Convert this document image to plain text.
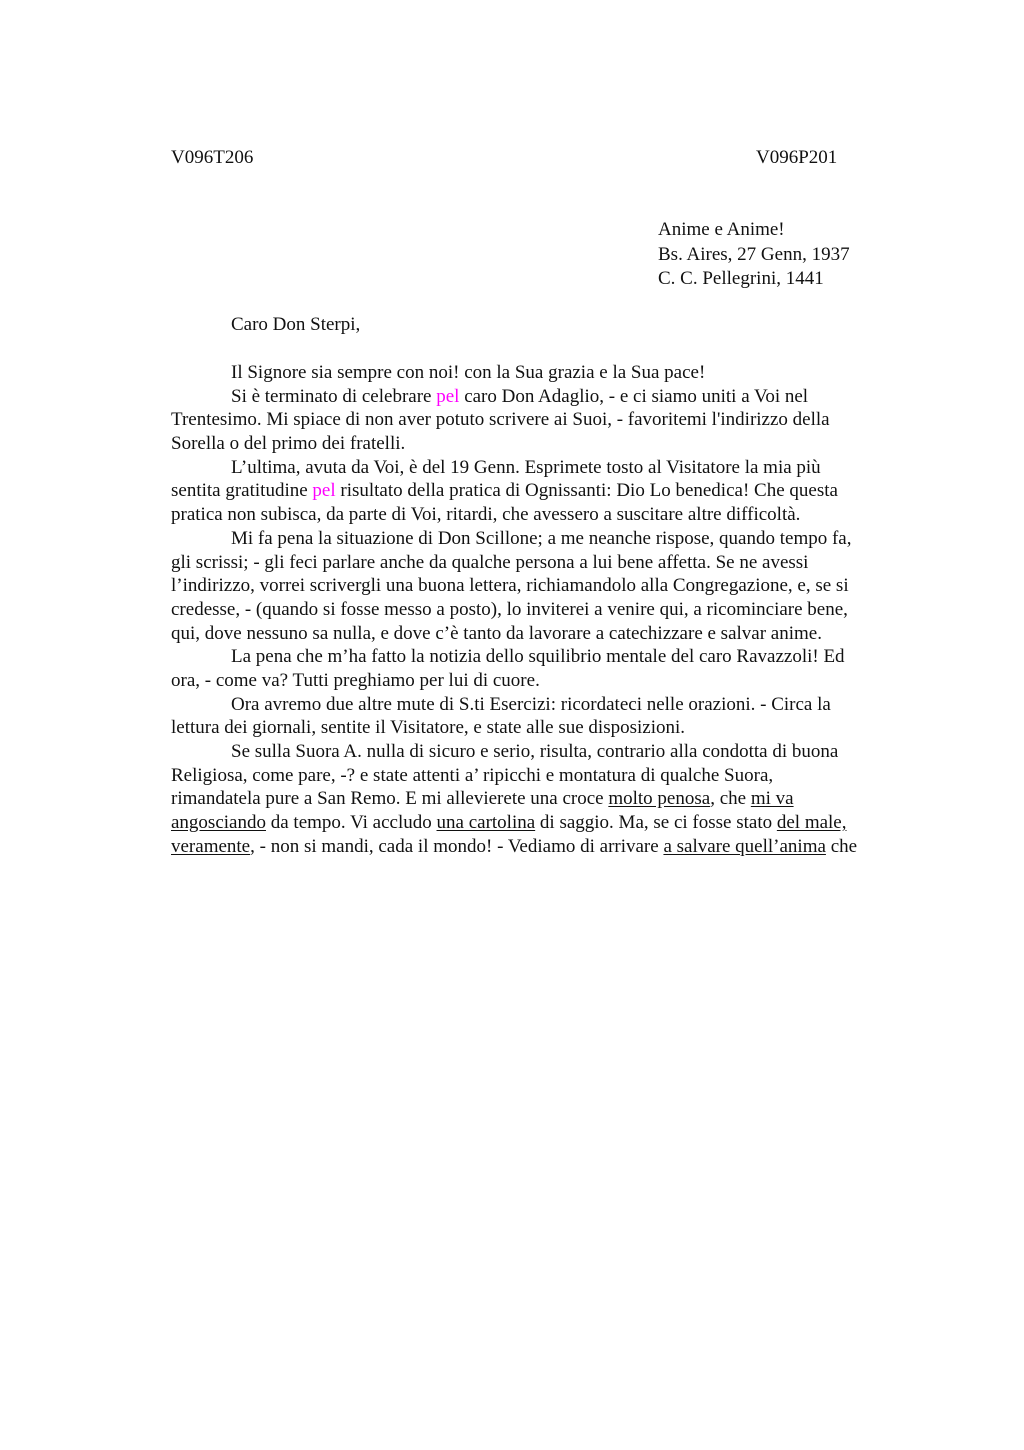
V096T206	V096P201
Anime e Anime!
Bs. Aires, 27 Genn, 1937
C. C. Pellegrini, 1441
Caro Don Sterpi,
Il Signore sia sempre con noi! con la Sua grazia e la Sua pace!
Si è terminato di celebrare pel caro Don Adaglio, - e ci siamo uniti a Voi nel
Trentesimo. Mi spiace di non aver potuto scrivere ai Suoi, - favoritemi l'indirizzo della
Sorella o del primo dei fratelli.
L’ultima, avuta da Voi, è del 19 Genn. Esprimete tosto al Visitatore la mia più
sentita gratitudine pel risultato della pratica di Ognissanti: Dio Lo benedica! Che questa
pratica non subisca, da parte di Voi, ritardi, che avessero a suscitare altre difficoltà.
Mi fa pena la situazione di Don Scillone; a me neanche rispose, quando tempo fa,
gli scrissi; - gli feci parlare anche da qualche persona a lui bene affetta. Se ne avessi
l’indirizzo, vorrei scrivergli una buona lettera, richiamandolo alla Congregazione, e, se si
credesse, - (quando si fosse messo a posto), lo inviterei a venire qui, a ricominciare bene,
qui, dove nessuno sa nulla, e dove c’è tanto da lavorare a catechizzare e salvar anime.
La pena che m’ha fatto la notizia dello squilibrio mentale del caro Ravazzoli! Ed
ora, - come va? Tutti preghiamo per lui di cuore.
Ora avremo due altre mute di S.ti Esercizi: ricordateci nelle orazioni. - Circa la
lettura dei giornali, sentite il Visitatore, e state alle sue disposizioni.
Se sulla Suora A. nulla di sicuro e serio, risulta, contrario alla condotta di buona
Religiosa, come pare, -? e state attenti a’ ripicchi e montatura di qualche Suora,
rimandatela pure a San Remo. E mi allevierete una croce molto penosa, che mi va
angosciando da tempo. Vi accludo una cartolina di saggio. Ma, se ci fosse stato del male,
veramente, - non si mandi, cada il mondo! - Vediamo di arrivare a salvare quell’anima che
